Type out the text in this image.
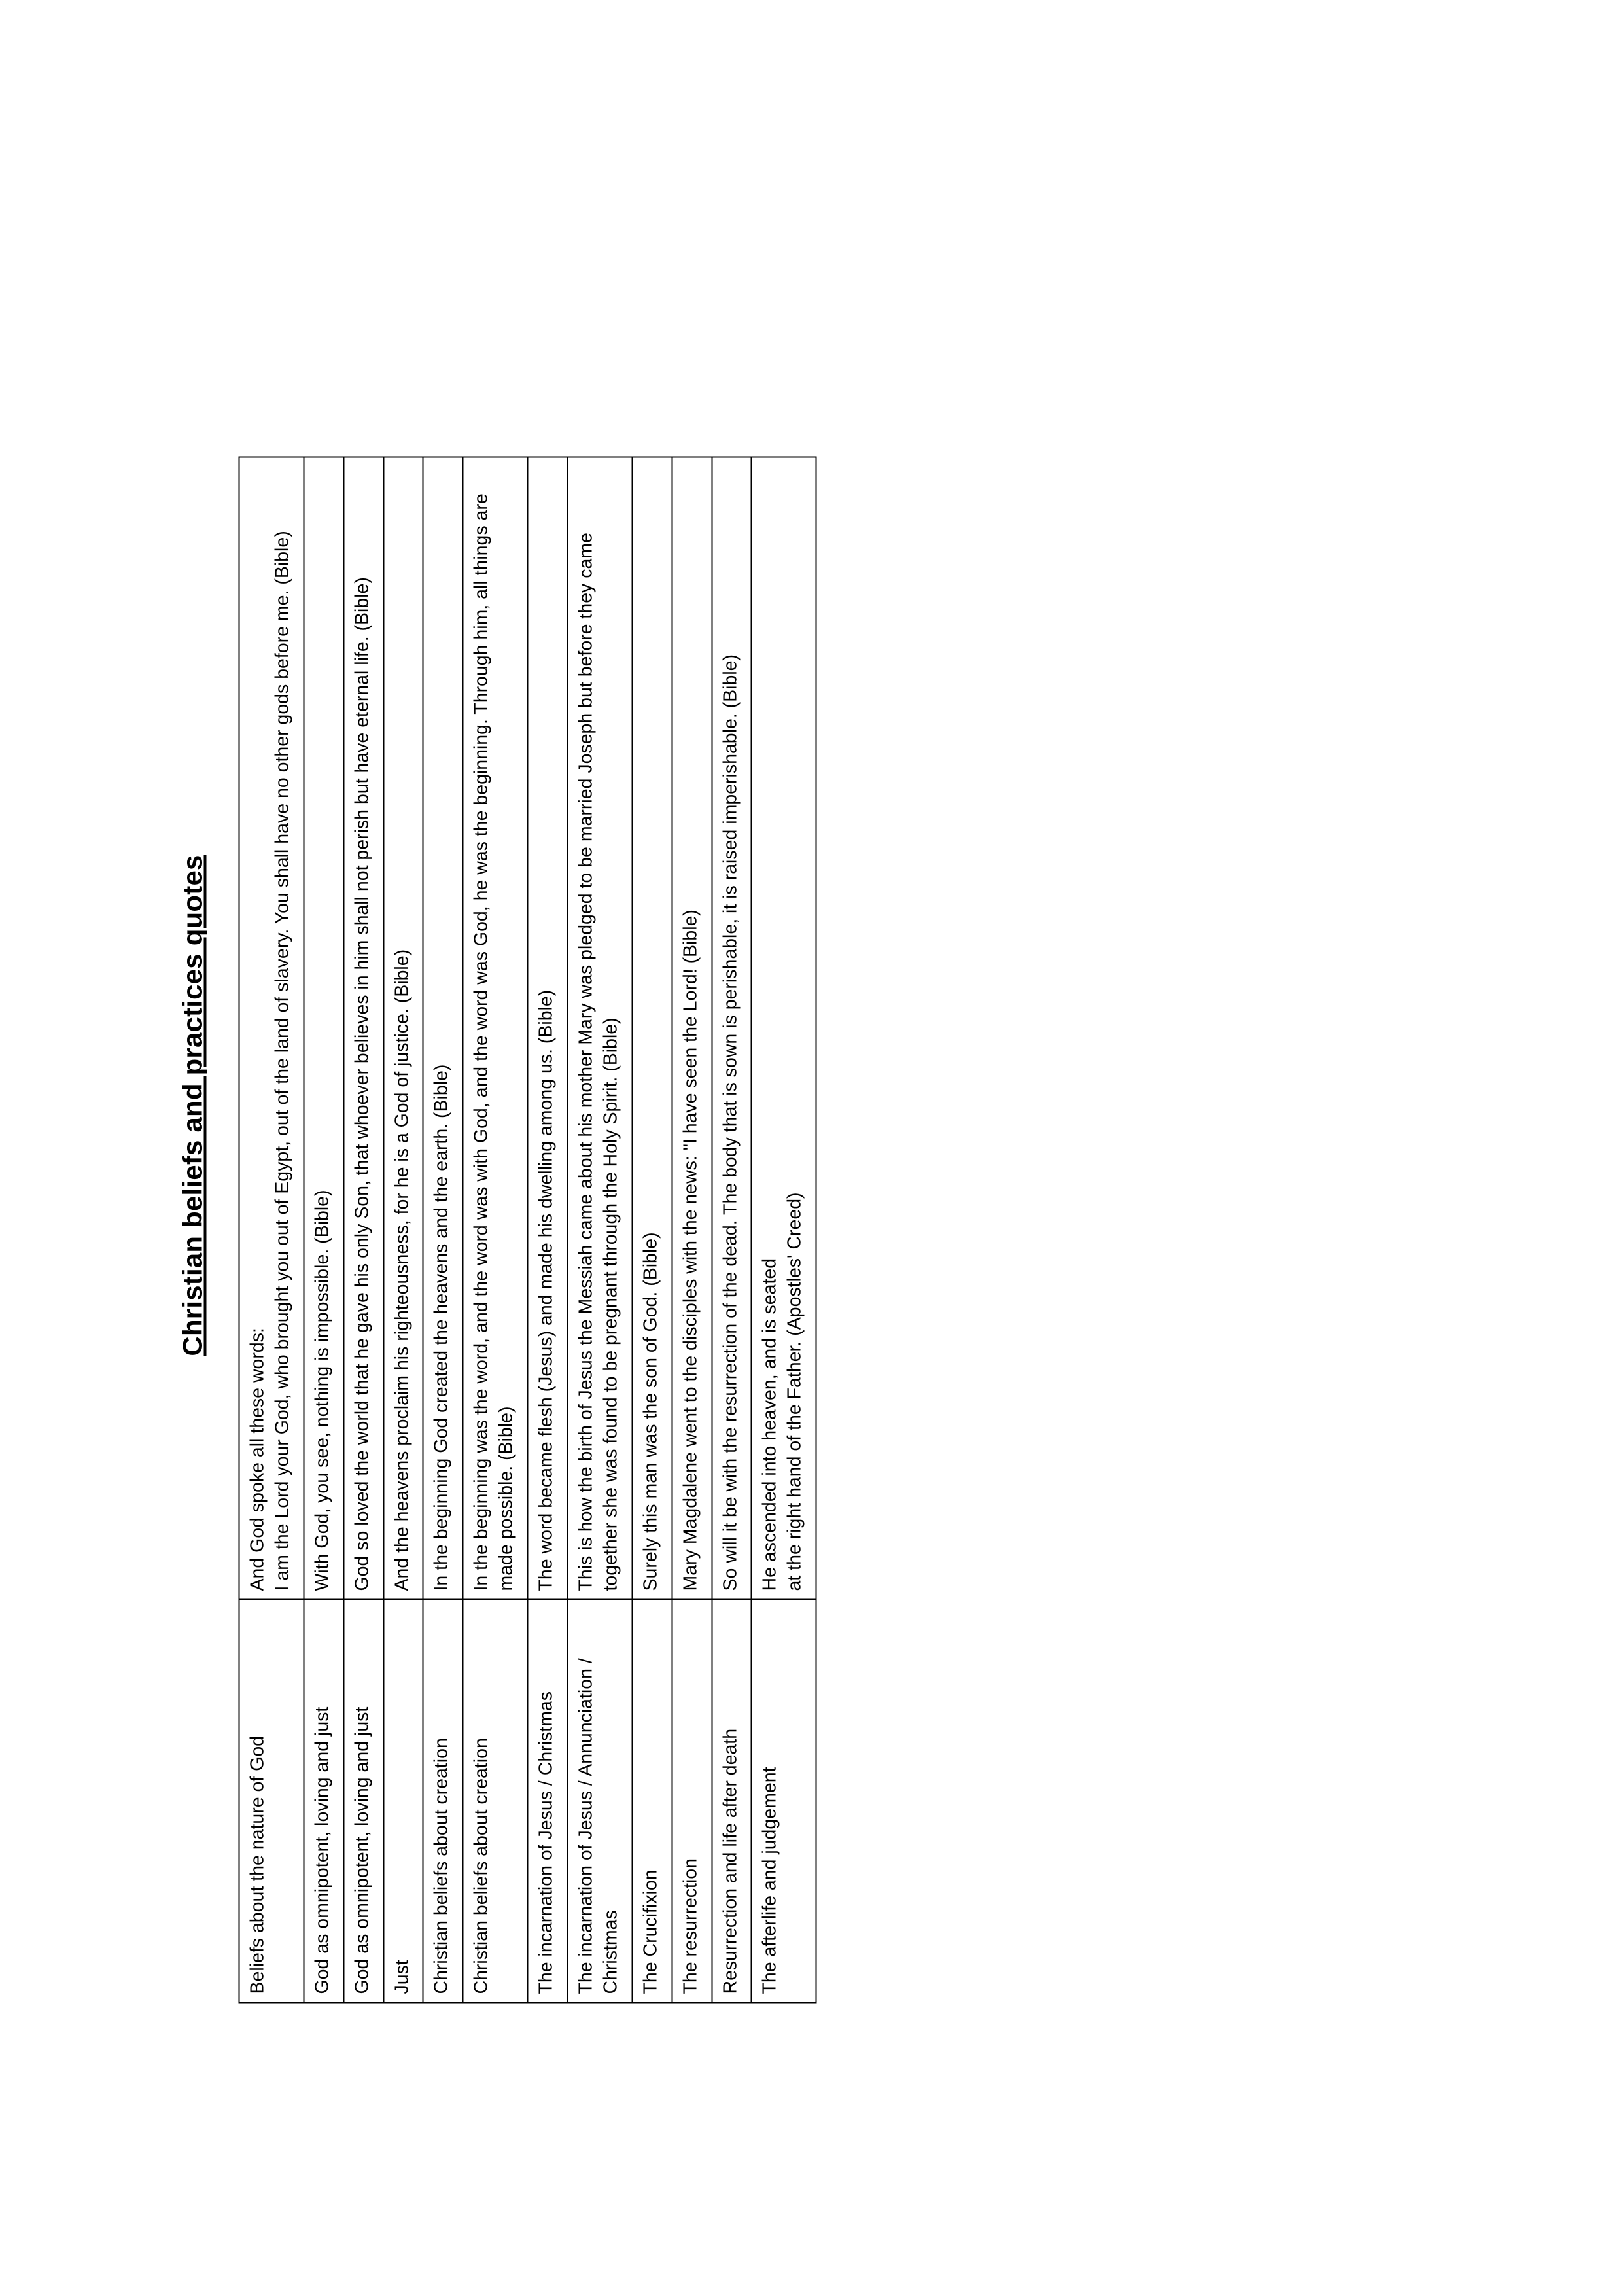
Christian beliefs and practices quotes
Beliefs about the nature of God	And God spoke all these words: I am the Lord your God, who brought you out of Egypt, out of the land of slavery. You shall have no other gods before me. (Bible)

God as omnipotent, loving and just	With God, you see, nothing is impossible. (Bible)

God as omnipotent, loving and just	God so loved the world that he gave his only Son, that whoever believes in him shall not perish but have eternal life. (Bible)

Just	And the heavens proclaim his righteousness, for he is a God of justice. (Bible)

Christian beliefs about creation	In the beginning God created the heavens and the earth. (Bible)

Christian beliefs about creation	In the beginning was the word, and the word was with God, and the word was God, he was the beginning. Through him, all things are made possible. (Bible)

The incarnation of Jesus / Christmas	The word became flesh (Jesus) and made his dwelling among us. (Bible)

The incarnation of Jesus / Annunciation / Christmas	This is how the birth of Jesus the Messiah came about his mother Mary was pledged to be married Joseph but before they came together she was found to be pregnant through the Holy Spirit. (Bible)

The Crucifixion	Surely this man was the son of God. (Bible)

The resurrection	Mary Magdalene went to the disciples with the news: "I have seen the Lord! (Bible)

Resurrection and life after death	So will it be with the resurrection of the dead. The body that is sown is perishable, it is raised imperishable. (Bible)

The afterlife and judgement	He ascended into heaven, and is seated at the right hand of the Father. (Apostles' Creed)
